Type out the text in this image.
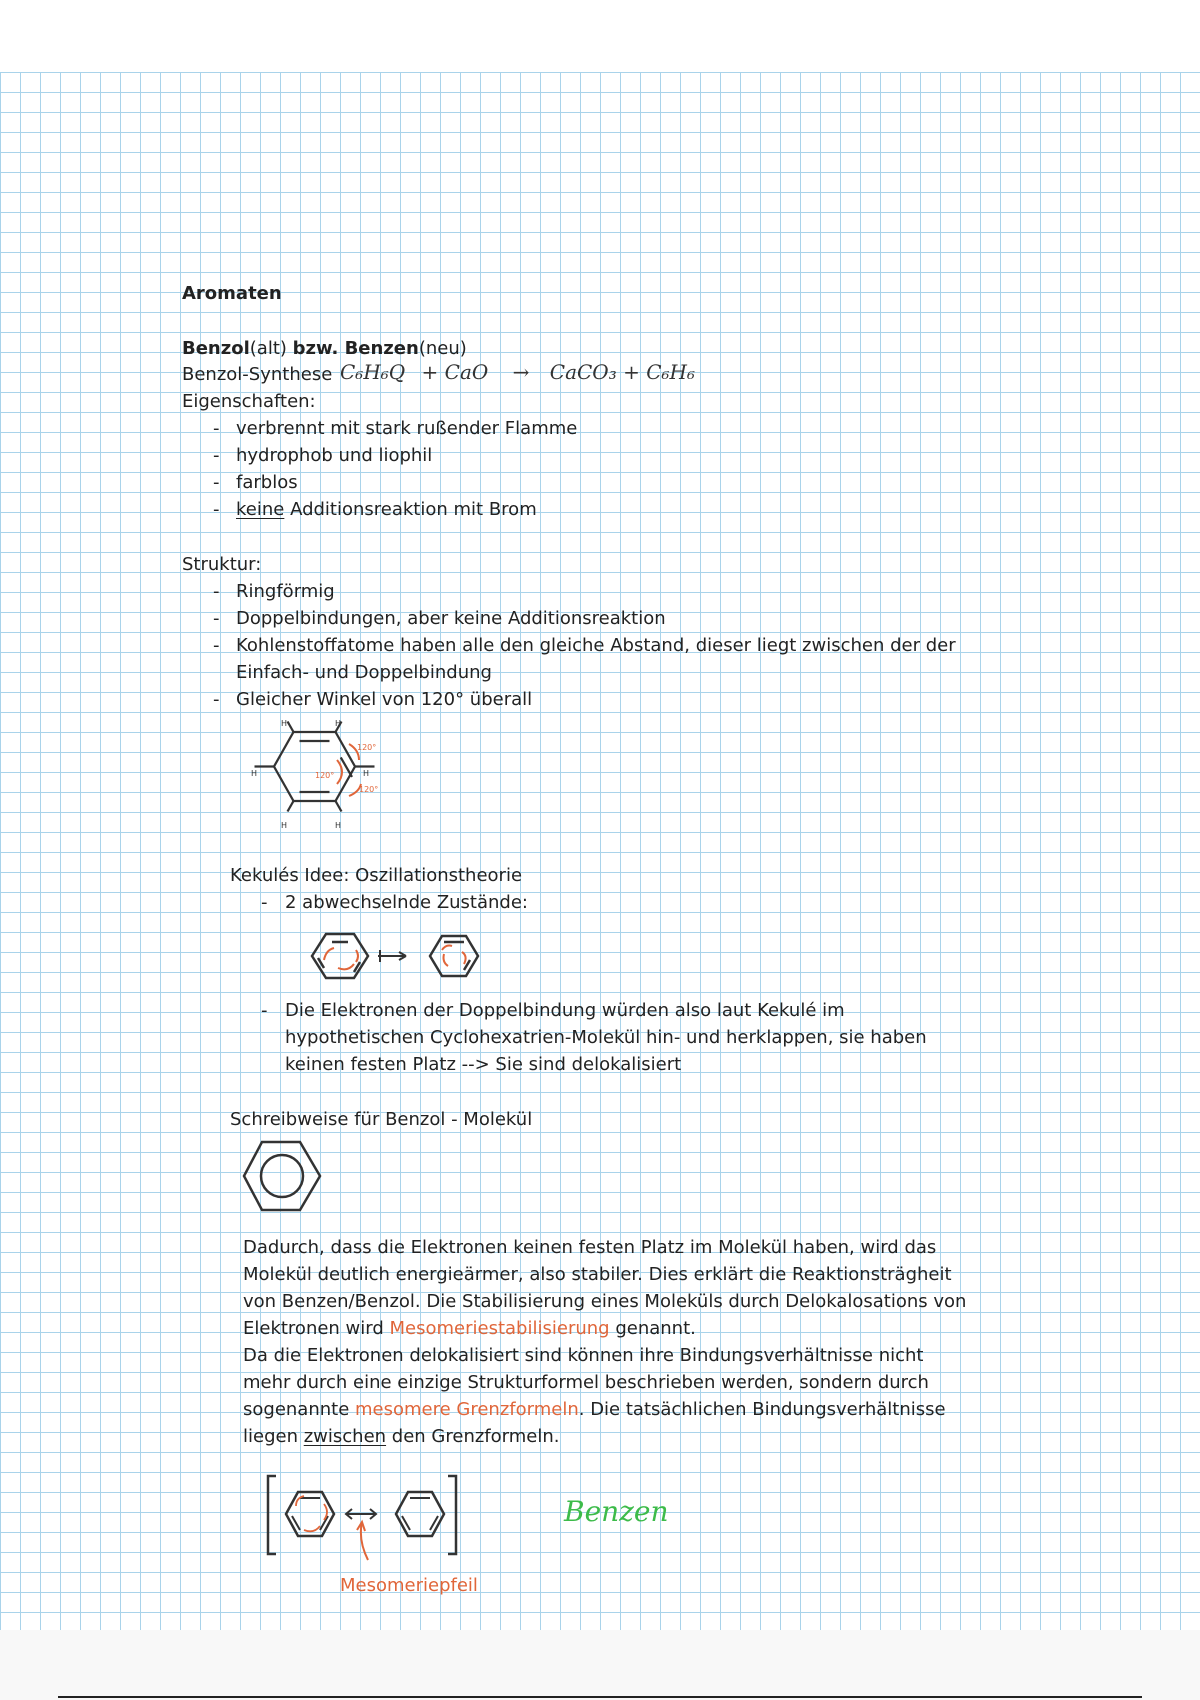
Aromaten
Benzol(alt) bzw. Benzen(neu)
Benzol-Synthese C₆H₆Q + CaO → CaCO₃ + C₆H₆
Eigenschaften:
- verbrennt mit stark rußender Flamme
- hydrophob und liophil
- farblos
- keine Additionsreaktion mit Brom
Struktur:
- Ringförmig
- Doppelbindungen, aber keine Additionsreaktion
- Kohlenstoffatome haben alle den gleiche Abstand, dieser liegt zwischen der der
Einfach- und Doppelbindung
- Gleicher Winkel von 120° überall
120°
120°
120°
H	H
H	H
H	H
Kekulés Idee: Oszillationstheorie
- 2 abwechselnde Zustände:
- Die Elektronen der Doppelbindung würden also laut Kekulé im
hypothetischen Cyclohexatrien-Molekül hin- und herklappen, sie haben
keinen festen Platz --> Sie sind delokalisiert
Schreibweise für Benzol - Molekül
Dadurch, dass die Elektronen keinen festen Platz im Molekül haben, wird das
Molekül deutlich energieärmer, also stabiler. Dies erklärt die Reaktionsträgheit
von Benzen/Benzol. Die Stabilisierung eines Moleküls durch Delokalosations von
Elektronen wird Mesomeriestabilisierung genannt.
Da die Elektronen delokalisiert sind können ihre Bindungsverhältnisse nicht
mehr durch eine einzige Strukturformel beschrieben werden, sondern durch
sogenannte mesomere Grenzformeln. Die tatsächlichen Bindungsverhältnisse
liegen zwischen den Grenzformeln.
Mesomeriepfeil
Benzen
